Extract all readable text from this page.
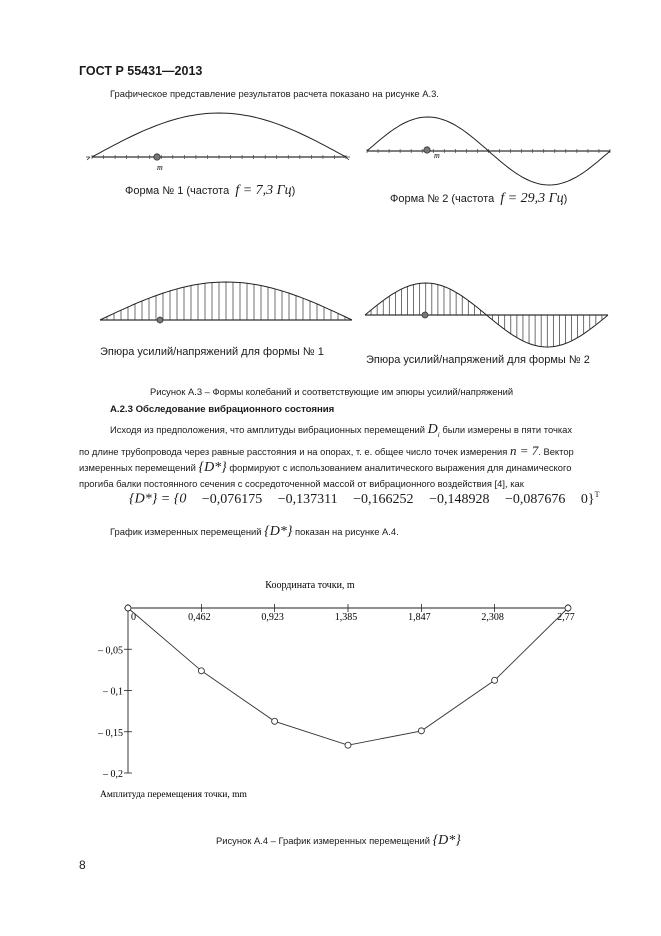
ГОСТ Р 55431—2013
Графическое представление результатов расчета показано на рисунке А.3.
m
m
Форма № 1 (частота f = 7,3 Гц)
Форма № 2 (частота f = 29,3 Гц)
Эпюра усилий/напряжений для формы № 1
Эпюра усилий/напряжений для формы № 2
Рисунок А.3 – Формы колебаний и соответствующие им эпюры усилий/напряжений
А.2.3 Обследование вибрационного состояния
Исходя из предположения, что амплитуды вибрационных перемещений $D_i$ были измерены в пяти точках
по длине трубопровода через равные расстояния и на опорах, т. е. общее число точек измерения n = 7. Вектор
измеренных перемещений {D*} формируют с использованием аналитического выражения для динамического
прогиба балки постоянного сечения с сосредоточенной массой от вибрационного воздействия [4], как
{D*} = {0 −0,076175 −0,137311 −0,166252 −0,148928 −0,087676 0}$^T$
График измеренных перемещений {D*} показан на рисунке А.4.
Координата точки, m
0	0,462	0,923	1,385	1,847	2,308	2,77
– 0,05
– 0,1
– 0,15
– 0,2
Амплитуда перемещения точки, mm
Рисунок А.4 – График измеренных перемещений {D*}
8
